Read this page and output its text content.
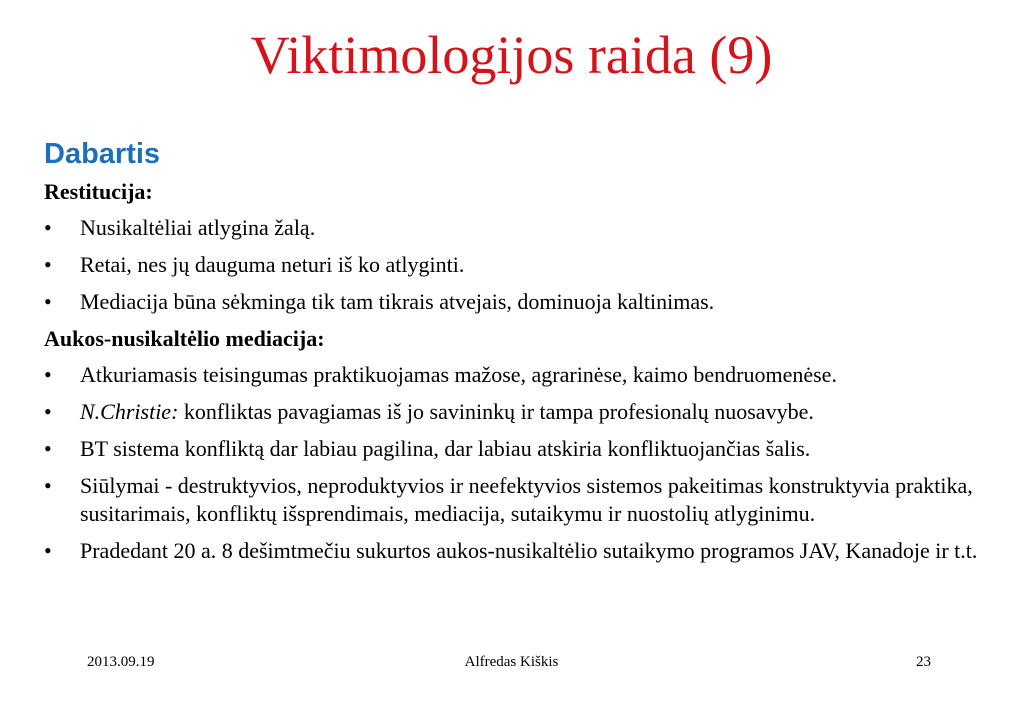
Viktimologijos raida (9)
Dabartis
Restitucija:
•	Nusikaltėliai atlygina žalą.
•	Retai, nes jų dauguma neturi iš ko atlyginti.
•	Mediacija būna sėkminga tik tam tikrais atvejais, dominuoja kaltinimas.
Aukos-nusikaltėlio mediacija:
•	Atkuriamasis teisingumas praktikuojamas mažose, agrarinėse, kaimo bendruomenėse.
•	N.Christie: konfliktas pavagiamas iš jo savininkų ir tampa profesionalų nuosavybe.
•	BT sistema konfliktą dar labiau pagilina, dar labiau atskiria konfliktuojančias šalis.
•	Siūlymai - destruktyvios, neproduktyvios ir neefektyvios sistemos pakeitimas konstruktyvia praktika, susitarimais, konfliktų išsprendimais, mediacija, sutaikymu ir nuostolių atlyginimu.
•	Pradedant 20 a. 8 dešimtmečiu sukurtos aukos-nusikaltėlio sutaikymo programos JAV, Kanadoje ir t.t.
Alfredas Kiškis
2013.09.19	23
